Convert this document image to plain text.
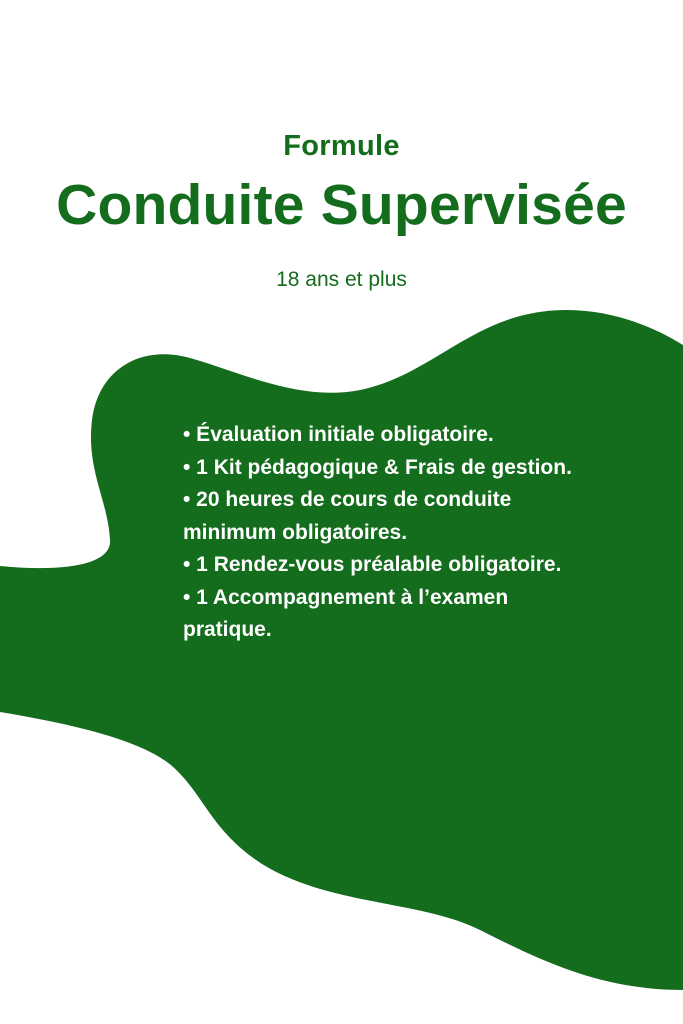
Formule
Conduite Supervisée
18 ans et plus
• Évaluation initiale obligatoire.
• 1 Kit pédagogique & Frais de gestion.
• 20 heures de cours de conduite minimum obligatoires.
• 1 Rendez-vous préalable obligatoire.
• 1 Accompagnement à l’examen  pratique.
